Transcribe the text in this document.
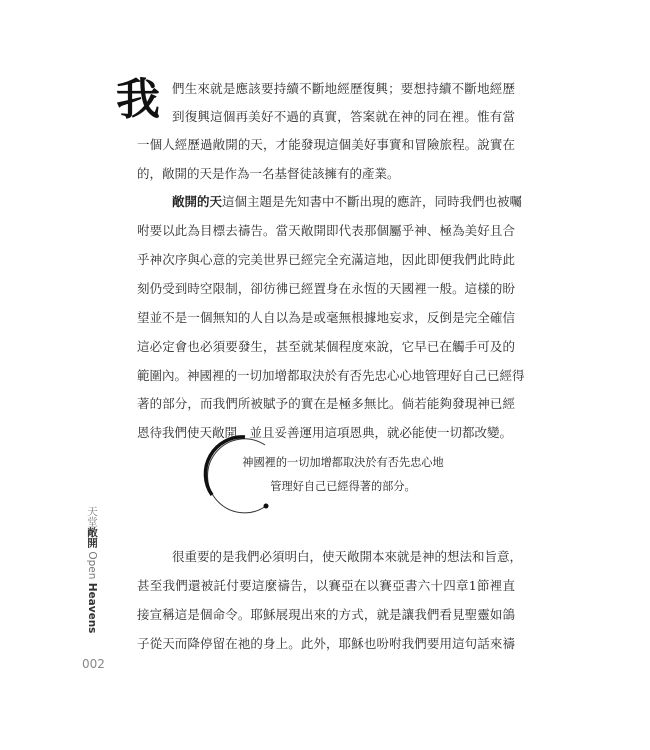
我 們生來就是應該要持續不斷地經歷復興；要想持續不斷地經歷
到復興這個再美好不過的真實，答案就在神的同在裡。惟有當
一個人經歷過敞開的天，才能發現這個美好事實和冒險旅程。說實在
的，敞開的天是作為一名基督徒該擁有的產業。
敞開的天這個主題是先知書中不斷出現的應許，同時我們也被囑
咐要以此為目標去禱告。當天敞開即代表那個屬乎神、極為美好且合
乎神次序與心意的完美世界已經完全充滿這地，因此即便我們此時此
刻仍受到時空限制，卻彷彿已經置身在永恆的天國裡一般。這樣的盼
望並不是一個無知的人自以為是或毫無根據地妄求，反倒是完全確信
這必定會也必須要發生，甚至就某個程度來說，它早已在觸手可及的
範圍內。神國裡的一切加增都取決於有否先忠心心地管理好自己已經得
著的部分，而我們所被賦予的實在是極多無比。倘若能夠發現神已經
恩待我們使天敞開，並且妥善運用這項恩典，就必能使一切都改變。
神國裡的一切加增都取決於有否先忠心地
管理好自己已經得著的部分。
很重要的是我們必須明白，使天敞開本來就是神的想法和旨意，
甚至我們還被託付要這麼禱告，以賽亞在以賽亞書六十四章1節裡直
接宣稱這是個命令。耶穌展現出來的方式，就是讓我們看見聖靈如鴿
子從天而降停留在祂的身上。此外，耶穌也吩咐我們要用這句話來禱
天堂敞開 Open Heavens
002
